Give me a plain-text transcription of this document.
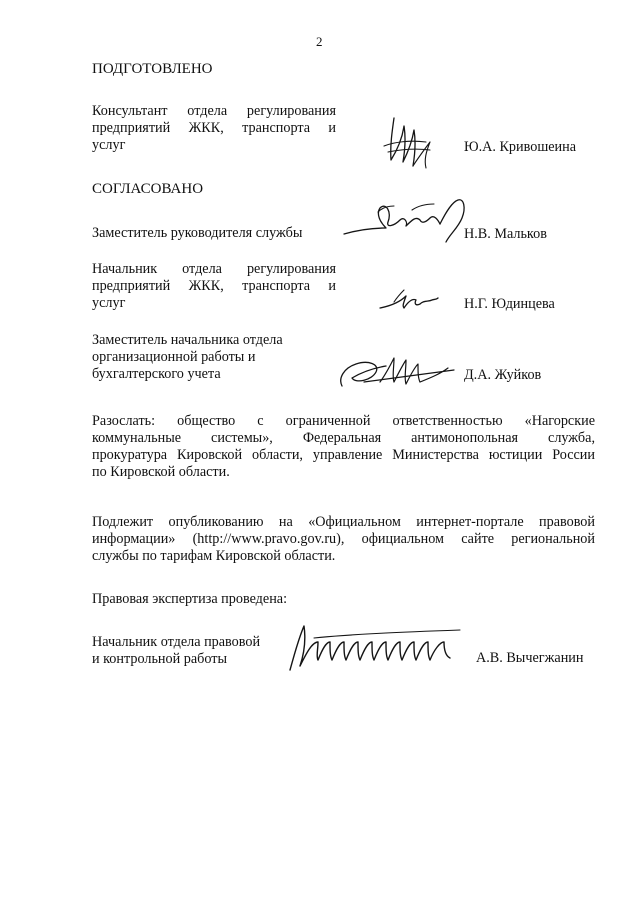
2
ПОДГОТОВЛЕНО
Консультант отдела регулирования
предприятий ЖКК, транспорта и
услуг	Ю.А. Кривошеина
СОГЛАСОВАНО
Заместитель руководителя службы	Н.В. Мальков
Начальник отдела регулирования
предприятий ЖКК, транспорта и
услуг	Н.Г. Юдинцева
Заместитель начальника отдела
организационной работы и
бухгалтерского учета	Д.А. Жуйков
Разослать: общество с ограниченной ответственностью «Нагорские
коммунальные системы», Федеральная антимонопольная служба,
прокуратура Кировской области, управление Министерства юстиции России
по Кировской области.
Подлежит опубликованию на «Официальном интернет-портале правовой
информации» (http://www.pravo.gov.ru), официальном сайте региональной
службы по тарифам Кировской области.
Правовая экспертиза проведена:
Начальник отдела правовой
и контрольной работы	А.В. Вычегжанин
